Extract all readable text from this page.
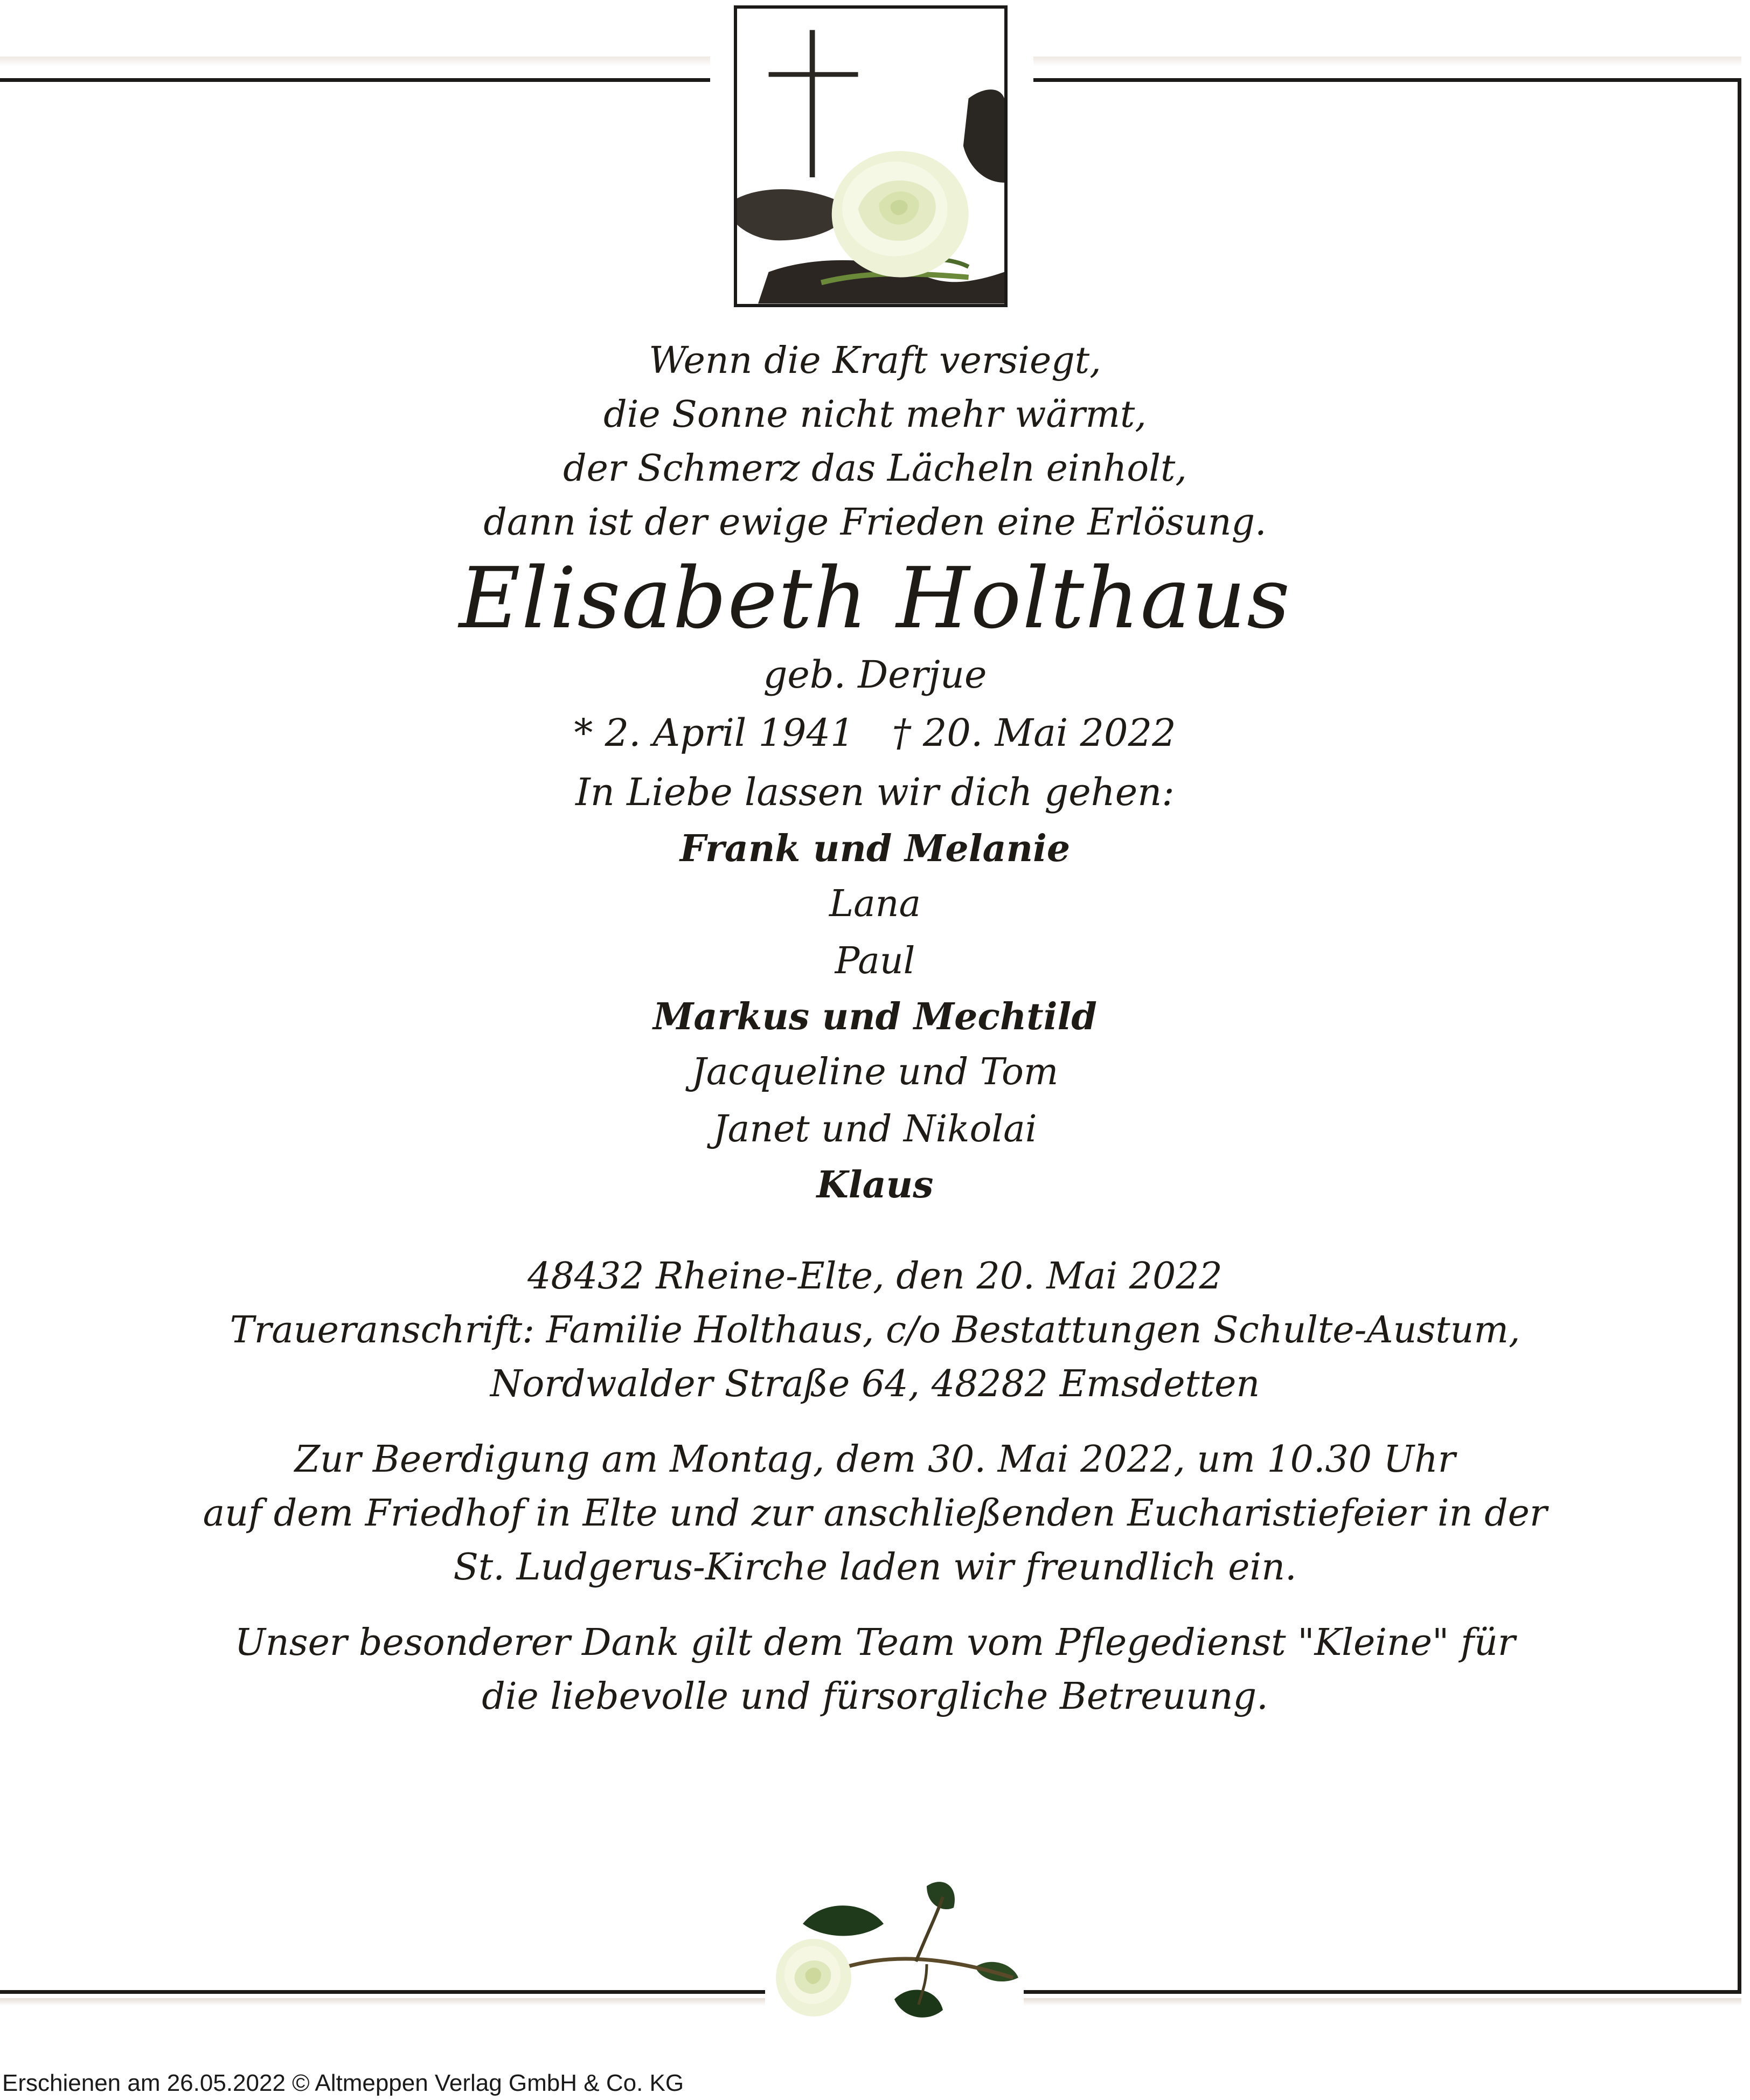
Wenn die Kraft versiegt,

die Sonne nicht mehr wärmt,

der Schmerz das Lächeln einholt,

dann ist der ewige Frieden eine Erlösung.

Elisabeth Holthaus

geb. Derjue

* 2. April 1941 † 20. Mai 2022

In Liebe lassen wir dich gehen:

Frank und Melanie

Lana

Paul

Markus und Mechtild

Jacqueline und Tom

Janet und Nikolai

Klaus

48432 Rheine-Elte, den 20. Mai 2022

Traueranschrift: Familie Holthaus, c/o Bestattungen Schulte-Austum,

Nordwalder Straße 64, 48282 Emsdetten

Zur Beerdigung am Montag, dem 30. Mai 2022, um 10.30 Uhr

auf dem Friedhof in Elte und zur anschließenden Eucharistiefeier in der

St. Ludgerus-Kirche laden wir freundlich ein.

Unser besonderer Dank gilt dem Team vom Pflegedienst "Kleine" für

die liebevolle und fürsorgliche Betreuung.

Erschienen am 26.05.2022 © Altmeppen Verlag GmbH & Co. KG
